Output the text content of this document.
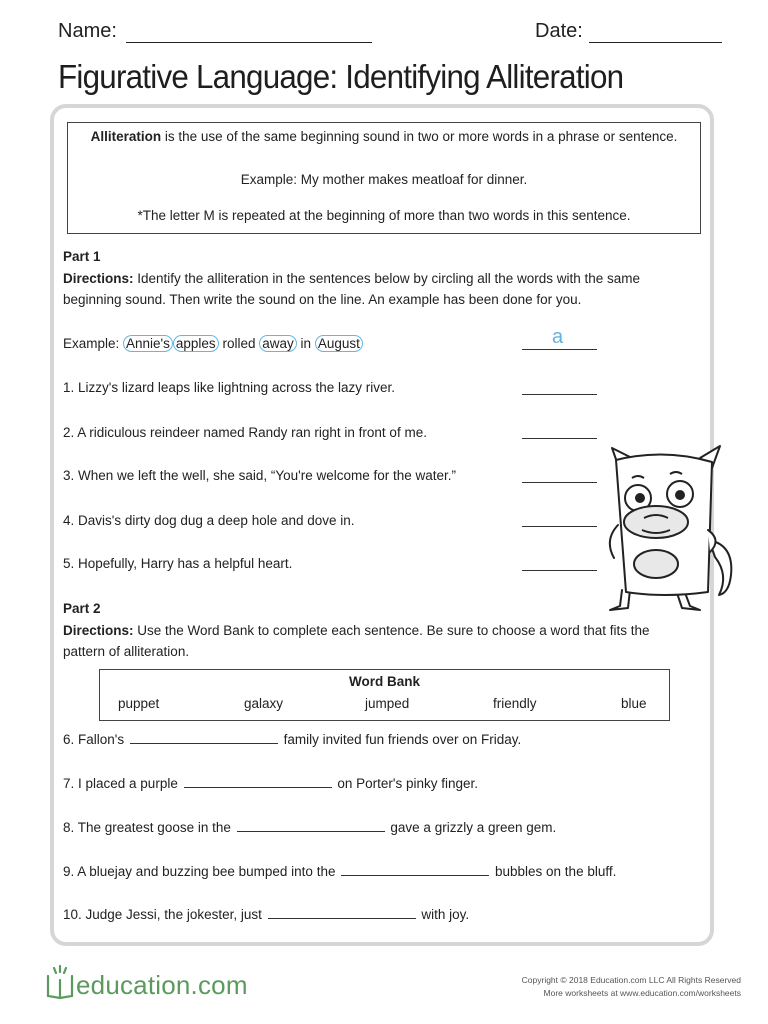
Name:	Date:
Figurative Language: Identifying Alliteration
Alliteration is the use of the same beginning sound in two or more words in a phrase or sentence.
Example: My mother makes meatloaf for dinner.
*The letter M is repeated at the beginning of more than two words in this sentence.
Part 1
Directions: Identify the alliteration in the sentences below by circling all the words with the same beginning sound. Then write the sound on the line. An example has been done for you.
Example: Annie's apples rolled away in August	a
1. Lizzy's lizard leaps like lightning across the lazy river.
2. A ridiculous reindeer named Randy ran right in front of me.
3. When we left the well, she said, “You're welcome for the water.”
4. Davis's dirty dog dug a deep hole and dove in.
5. Hopefully, Harry has a helpful heart.
Part 2
Directions: Use the Word Bank to complete each sentence. Be sure to choose a word that fits the pattern of alliteration.
Word Bank
puppet	galaxy	jumped	friendly	blue
6. Fallon's	family invited fun friends over on Friday.
7. I placed a purple	on Porter's pinky finger.
8. The greatest goose in the	gave a grizzly a green gem.
9. A bluejay and buzzing bee bumped into the	bubbles on the bluff.
10. Judge Jessi, the jokester, just	with joy.
education.com	Copyright © 2018 Education.com LLC All Rights Reserved
More worksheets at www.education.com/worksheets
